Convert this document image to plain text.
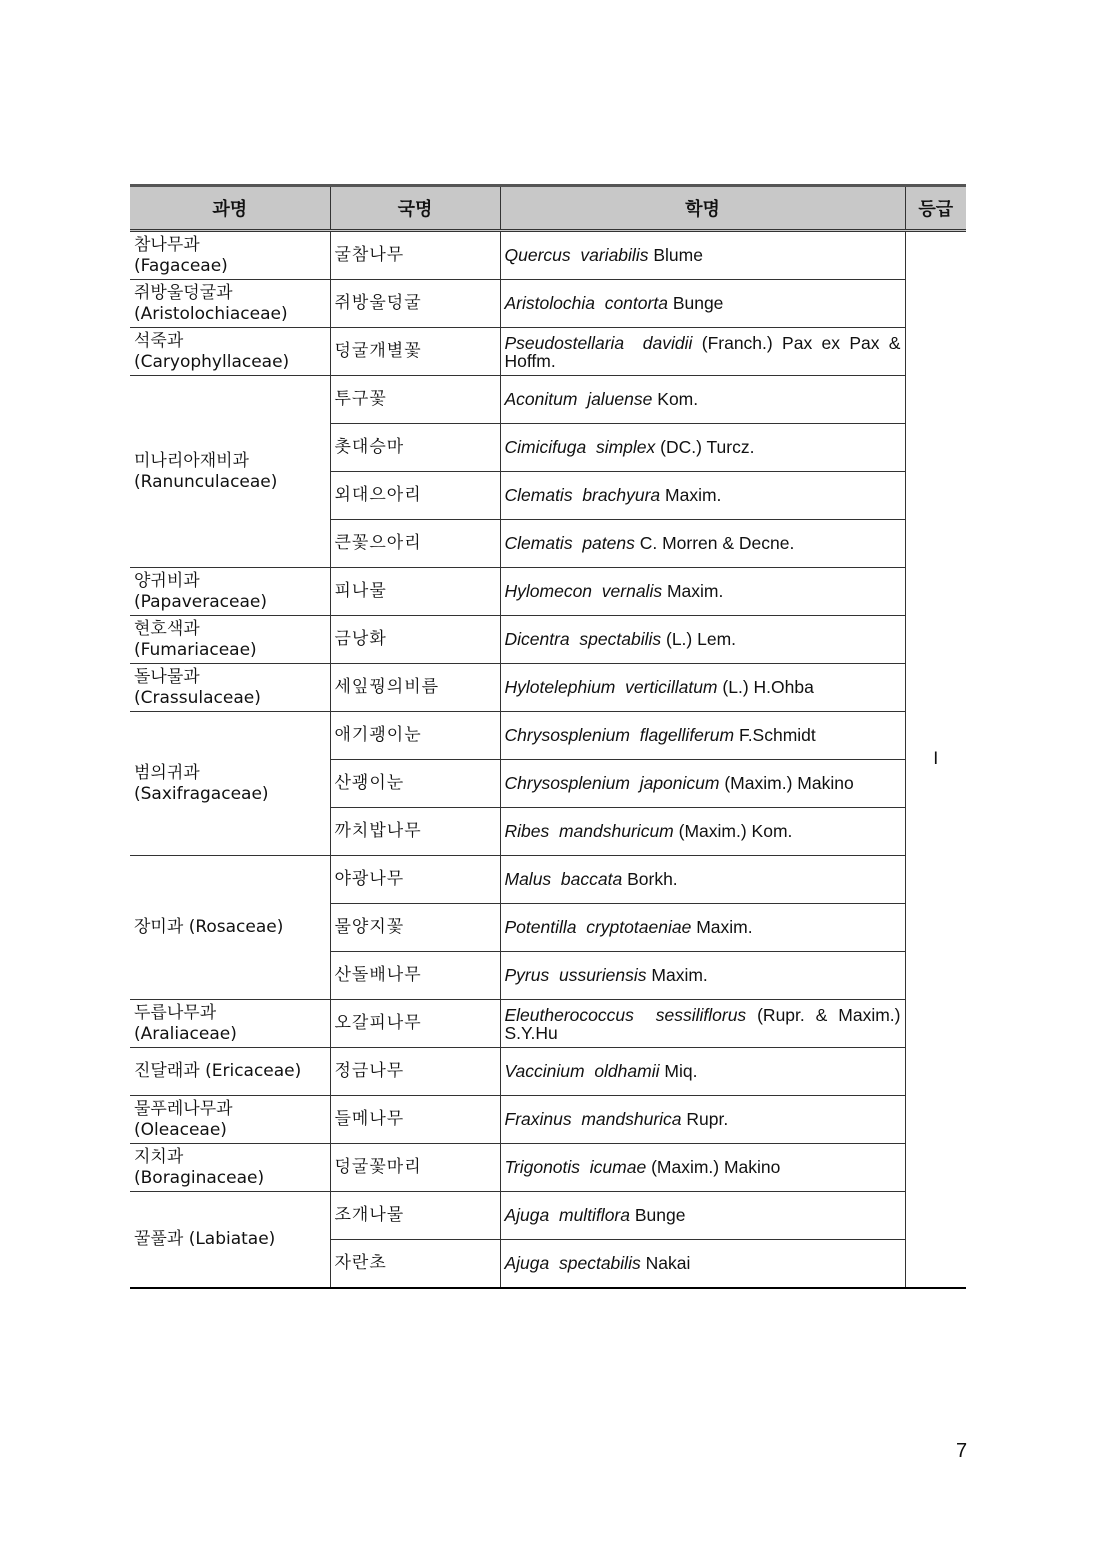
과명	국명	학명	등급

참나무과
(Fagaceae)	굴참나무	Quercus variabilis Blume	I

쥐방울덩굴과
(Aristolochiaceae)	쥐방울덩굴	Aristolochia contorta Bunge	

석죽과
(Caryophyllaceae)	덩굴개별꽃	Pseudostellaria davidii (Franch.) Pax ex Pax & Hoffm.	

미나리아재비과
(Ranunculaceae)	투구꽃	Aconitum jaluense Kom.	
	촛대승마	Cimicifuga simplex (DC.) Turcz.	
	외대으아리	Clematis brachyura Maxim.	
	큰꽃으아리	Clematis patens C. Morren & Decne.	

양귀비과
(Papaveraceae)	피나물	Hylomecon vernalis Maxim.	

현호색과
(Fumariaceae)	금낭화	Dicentra spectabilis (L.) Lem.	

돌나물과
(Crassulaceae)	세잎꿩의비름	Hylotelephium verticillatum (L.) H.Ohba	

범의귀과
(Saxifragaceae)	애기괭이눈	Chrysosplenium flagelliferum F.Schmidt	
	산괭이눈	Chrysosplenium japonicum (Maxim.) Makino	
	까치밥나무	Ribes mandshuricum (Maxim.) Kom.	
장미과 (Rosaceae)	야광나무	Malus baccata Borkh.	
	물양지꽃	Potentilla cryptotaeniae Maxim.	
	산돌배나무	Pyrus ussuriensis Maxim.	

두릅나무과
(Araliaceae)	오갈피나무	Eleutherococcus sessiliflorus (Rupr. & Maxim.) S.Y.Hu	

진달래과 (Ericaceae)	정금나무	Vaccinium oldhamii Miq.	

물푸레나무과
(Oleaceae)	들메나무	Fraxinus mandshurica Rupr.	

지치과
(Boraginaceae)	덩굴꽃마리	Trigonotis icumae (Maxim.) Makino	
꿀풀과 (Labiatae)	조개나물	Ajuga multiflora Bunge	
	자란초	Ajuga spectabilis Nakai	
7
